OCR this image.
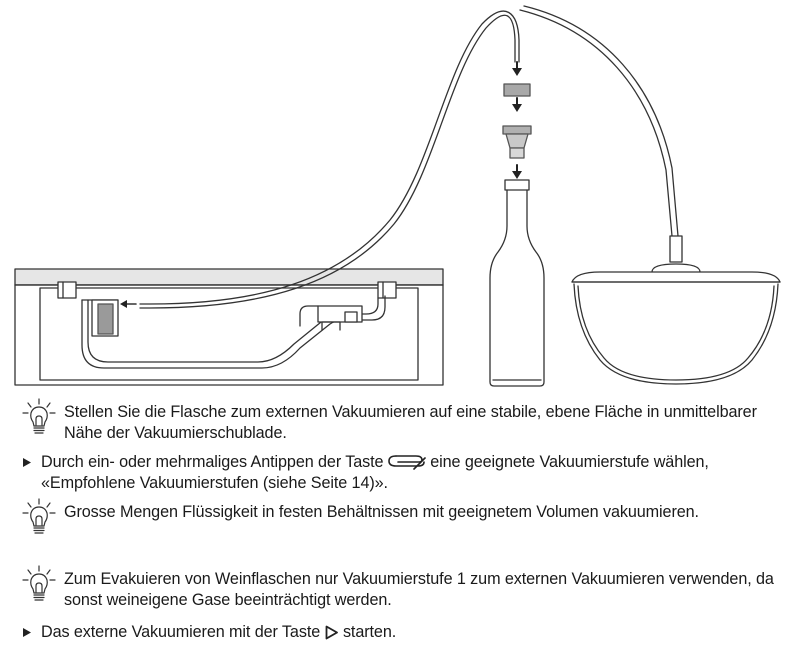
Stellen Sie die Flasche zum externen Vakuumieren auf eine stabile, ebene Fläche in unmittelbarer Nähe der Vakuumierschublade.
Durch ein- oder mehrmaliges Antippen der Taste	eine geeignete Vakuumierstufe wählen, «Empfohlene Vakuumierstufen (siehe Seite 14)».
Grosse Mengen Flüssigkeit in festen Behältnissen mit geeignetem Volumen vakuumieren.
Zum Evakuieren von Weinflaschen nur Vakuumierstufe 1 zum externen Vakuumieren verwenden, da sonst weineigene Gase beeinträchtigt werden.
Das externe Vakuumieren mit der Taste starten.
